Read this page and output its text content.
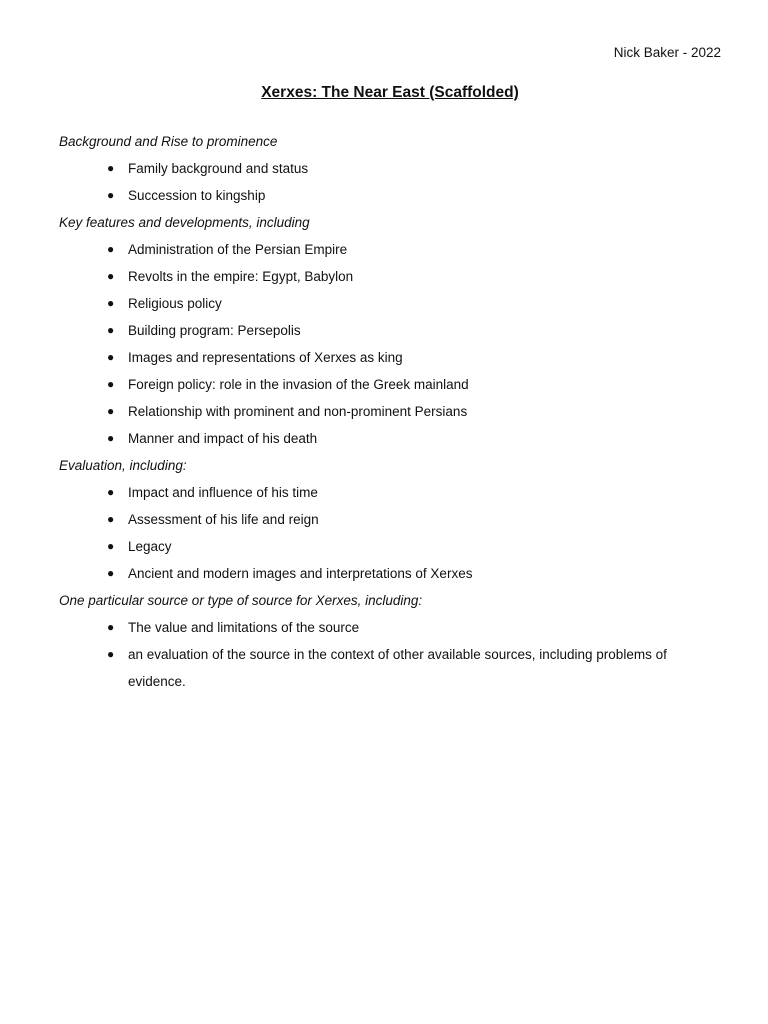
Nick Baker - 2022
Xerxes: The Near East (Scaffolded)
Background and Rise to prominence
● Family background and status
● Succession to kingship
Key features and developments, including
● Administration of the Persian Empire
● Revolts in the empire: Egypt, Babylon
● Religious policy
● Building program: Persepolis
● Images and representations of Xerxes as king
● Foreign policy: role in the invasion of the Greek mainland
● Relationship with prominent and non-prominent Persians
● Manner and impact of his death
Evaluation, including:
● Impact and influence of his time
● Assessment of his life and reign
● Legacy
● Ancient and modern images and interpretations of Xerxes
One particular source or type of source for Xerxes, including:
● The value and limitations of the source
● an evaluation of the source in the context of other available sources, including problems of evidence.
